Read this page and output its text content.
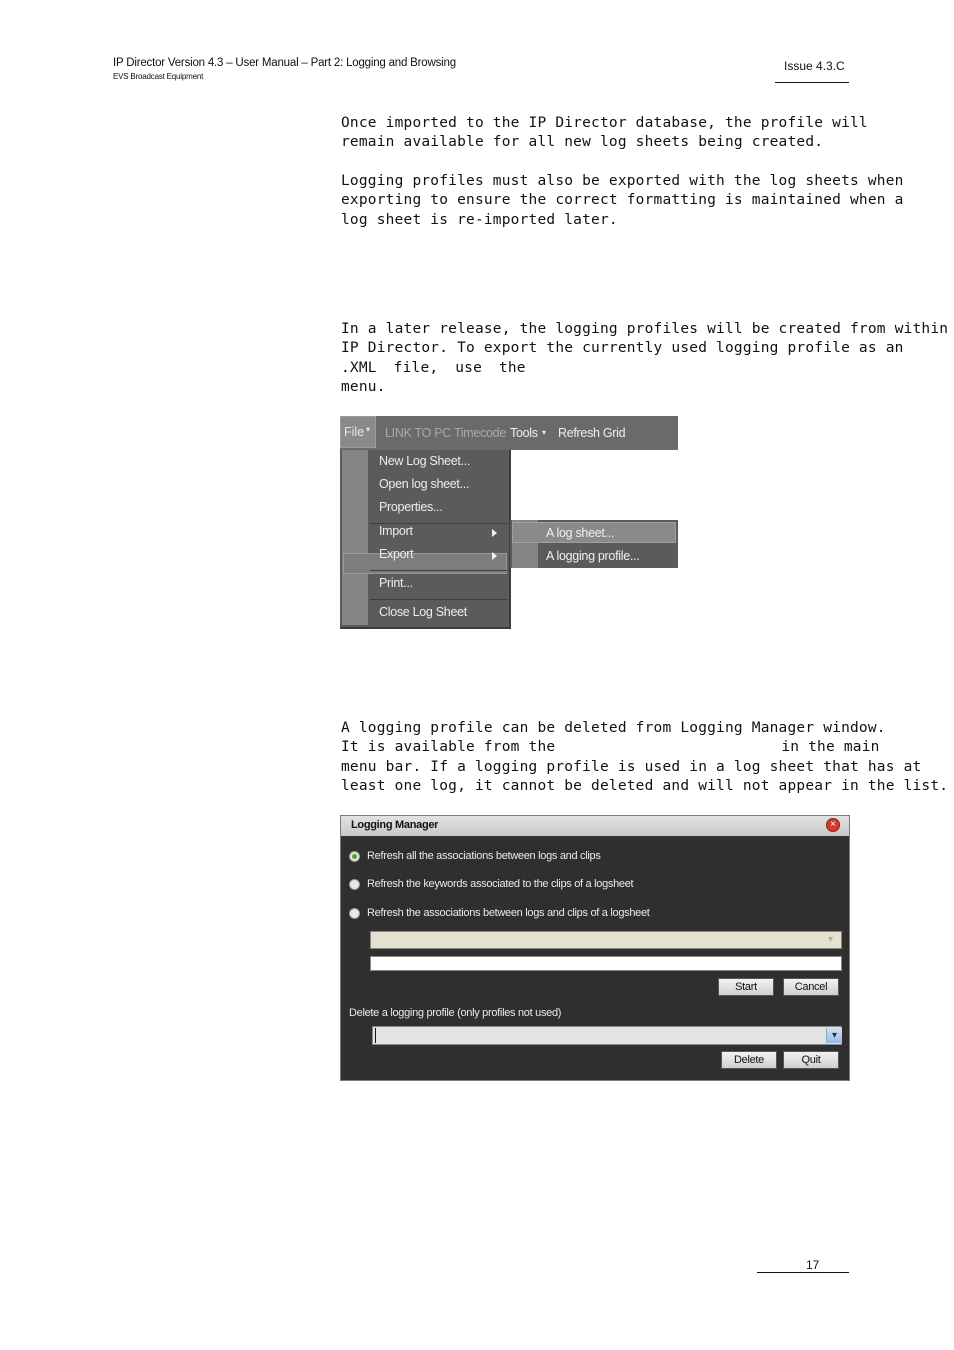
IP Director Version 4.3 – User Manual – Part 2: Logging and Browsing
EVS Broadcast Equipment
Issue 4.3.C
Once imported to the IP Director database, the profile will
remain available for all new log sheets being created.
Logging profiles must also be exported with the log sheets when
exporting to ensure the correct formatting is maintained when a
log sheet is re-imported later.
In a later release, the logging profiles will be created from within
IP Director. To export the currently used logging profile as an
.XML file, use the
menu.
File ▾ LINK TO PC Timecode Tools ▾ Refresh Grid
New Log Sheet...
Open log sheet...
Properties...
Import
Export
Print...
Close Log Sheet
A log sheet...
A logging profile...
A logging profile can be deleted from Logging Manager window.
It is available from the	in the main
menu bar. If a logging profile is used in a log sheet that has at
least one log, it cannot be deleted and will not appear in the list.
Logging Manager	×
Refresh all the associations between logs and clips
Refresh the keywords associated to the clips of a logsheet
Refresh the associations between logs and clips of a logsheet
▾
Start	Cancel
Delete a logging profile (only profiles not used)
▾
Delete	Quit
17
